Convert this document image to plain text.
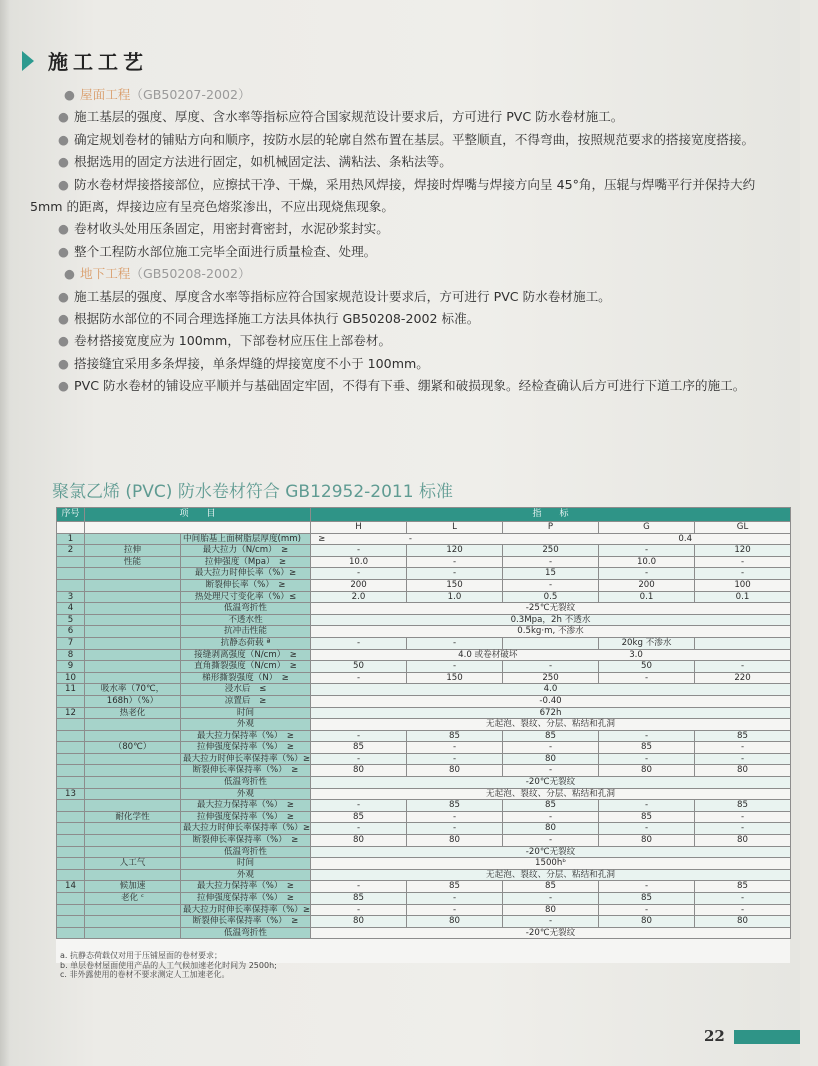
施工工艺
● 屋面工程（GB50207-2002）
● 施工基层的强度、厚度、含水率等指标应符合国家规范设计要求后，方可进行 PVC 防水卷材施工。
● 确定规划卷材的铺贴方向和顺序，按防水层的轮廓自然布置在基层。平整顺直，不得弯曲，按照规范要求的搭接宽度搭接。
● 根据选用的固定方法进行固定，如机械固定法、满粘法、条粘法等。
● 防水卷材焊接搭接部位，应擦拭干净、干燥，采用热风焊接，焊接时焊嘴与焊接方向呈 45°角，压辊与焊嘴平行并保持大约
5mm 的距离，焊接边应有呈亮色熔浆渗出，不应出现烧焦现象。
● 卷材收头处用压条固定，用密封膏密封，水泥砂浆封实。
● 整个工程防水部位施工完毕全面进行质量检查、处理。
● 地下工程（GB50208-2002）
● 施工基层的强度、厚度含水率等指标应符合国家规范设计要求后，方可进行 PVC 防水卷材施工。
● 根据防水部位的不同合理选择施工方法具体执行 GB50208-2002 标准。
● 卷材搭接宽度应为 100mm，下部卷材应压住上部卷材。
● 搭接缝宜采用多条焊接，单条焊缝的焊接宽度不小于 100mm。
● PVC 防水卷材的铺设应平顺并与基础固定牢固，不得有下垂、绷紧和破损现象。经检查确认后方可进行下道工序的施工。
聚氯乙烯 (PVC) 防水卷材符合 GB12952-2011 标准
序号	项　　目		指　　标				
			H	L	P	G	GL
1		中间胎基上面树脂层厚度(mm)　　≥	-　　　　　　　　　　　　　　　　　　　　　　　　　　　　　　　0.4				
2	拉伸	最大拉力（N/cm）　≥	-	120	250	-	120
	性能	拉伸强度（Mpa）　≥	10.0	-	-	10.0	-
		最大拉力时伸长率（%）≥	-	-	15	-	-
		断裂伸长率（%）　≥	200	150	-	200	100
3		热处理尺寸变化率（%）≤	2.0	1.0	0.5	0.1	0.1
4		低温弯折性	-25℃无裂纹				
5		不透水性	0.3Mpa，2h 不透水				
6		抗冲击性能	0.5kg·m, 不渗水				
7		抗静态荷载 ª	-	-		20kg 不渗水	
8		接缝剥离强度（N/cm）　≥	4.0 或卷材破坏　　　　　　　　　　　　　3.0				
9		直角撕裂强度（N/cm）　≥	50	-	-	50	-
10		梯形撕裂强度（N）　≥	-	150	250	-	220
11	吸水率（70℃，	浸水后　≤	4.0				
	168h）（%）	凉置后　≥	-0.40				
12	热老化	时间	672h				
		外观	无起泡、裂纹、分层、粘结和孔洞				
		最大拉力保持率（%）　≥	-	85	85	-	85
	（80℃）	拉伸强度保持率（%）　≥	85	-	-	85	-
		最大拉力时伸长率保持率（%）≥	-	-	80	-	-
		断裂伸长率保持率（%）　≥	80	80	-	80	80
		低温弯折性	-20℃无裂纹				
13		外观	无起泡、裂纹、分层、粘结和孔洞				
		最大拉力保持率（%）　≥	-	85	85	-	85
	耐化学性	拉伸强度保持率（%）　≥	85	-	-	85	-
		最大拉力时伸长率保持率（%）≥	-	-	80	-	-
		断裂伸长率保持率（%）　≥	80	80	-	80	80
		低温弯折性	-20℃无裂纹				
	人工气	时间	1500hᵇ				
		外观	无起泡、裂纹、分层、粘结和孔洞				
14	候加速	最大拉力保持率（%）　≥	-	85	85	-	85
	老化 ᶜ	拉伸强度保持率（%）　≥	85	-	-	85	-
		最大拉力时伸长率保持率（%）≥	-	-	80	-	-
		断裂伸长率保持率（%）　≥	80	80	-	80	80
		低温弯折性	-20℃无裂纹				
a. 抗静态荷载仅对用于压铺屋面的卷材要求；
b. 单层卷材屋面使用产品的人工气候加速老化时间为 2500h;
c. 非外露使用的卷材不要求测定人工加速老化。
22
